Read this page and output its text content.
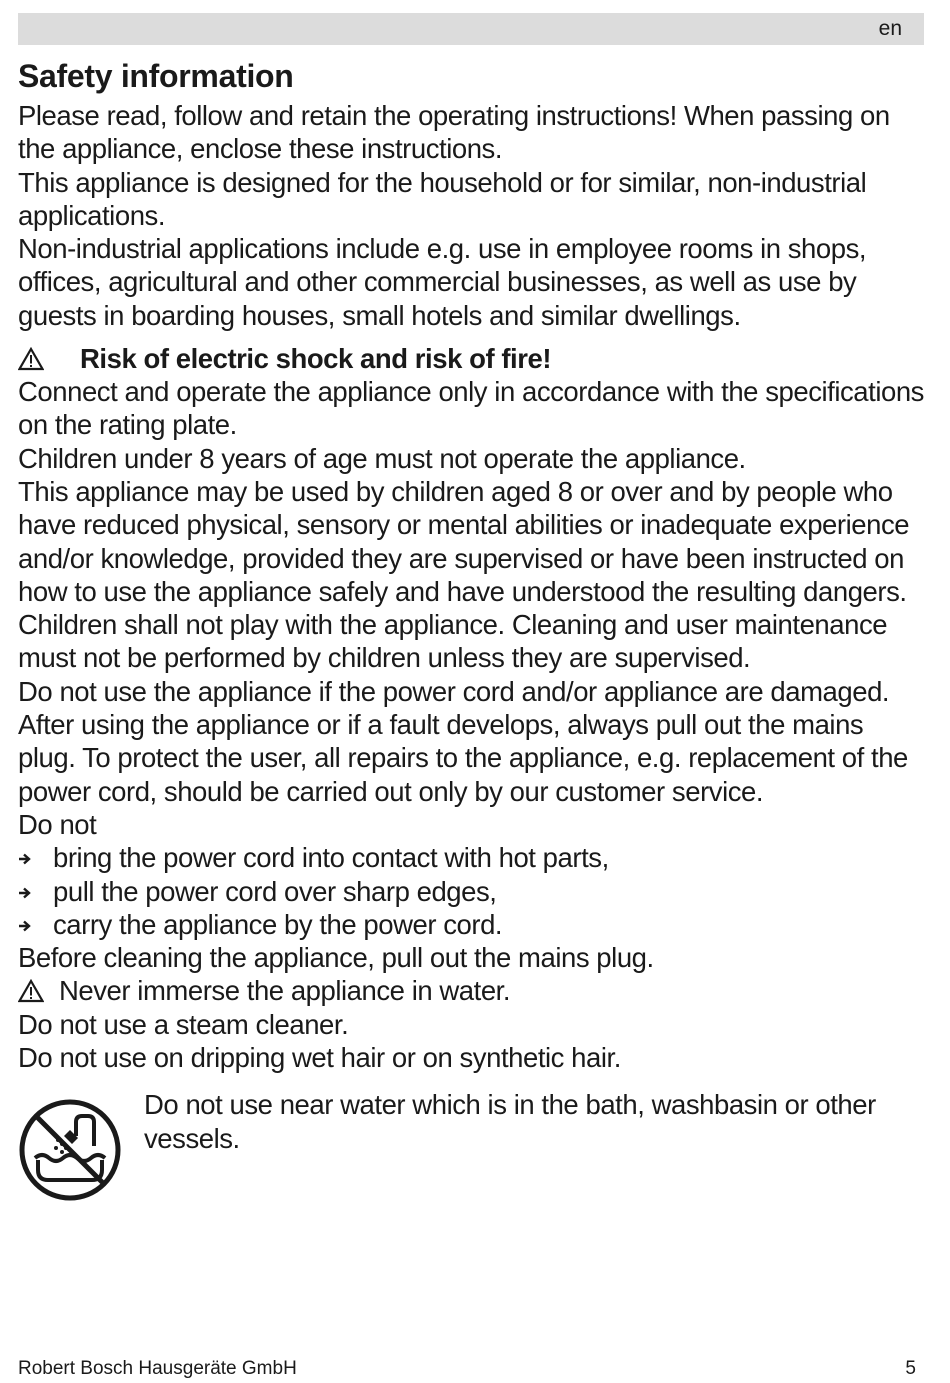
en
Safety information

Please read, follow and retain the operating instructions! When passing on the appliance, enclose these instructions.

This appliance is designed for the household or for similar, non-industrial applications.

Non-industrial applications include e.g. use in employee rooms in shops, offices, agricultural and other commercial businesses, as well as use by guests in boarding houses, small hotels and similar dwellings.

Risk of electric shock and risk of fire!

Connect and operate the appliance only in accordance with the specifications on the rating plate.

Children under 8 years of age must not operate the appliance.

This appliance may be used by children aged 8 or over and by people who have reduced physical, sensory or mental abilities or inadequate experience and/or knowledge, provided they are supervised or have been instructed on how to use the appliance safely and have understood the resulting dangers. Children shall not play with the appliance. Cleaning and user maintenance must not be performed by children unless they are supervised.

Do not use the appliance if the power cord and/or appliance are damaged. After using the appliance or if a fault develops, always pull out the mains plug. To protect the user, all repairs to the appliance, e.g. replacement of the power cord, should be carried out only by our customer service.

Do not

bring the power cord into contact with hot parts,
pull the power cord over sharp edges,
carry the appliance by the power cord.

Before cleaning the appliance, pull out the mains plug.

Never immerse the appliance in water.

Do not use a steam cleaner.

Do not use on dripping wet hair or on synthetic hair.

Do not use near water which is in the bath, washbasin or other vessels.
Robert Bosch Hausgeräte GmbH	5
